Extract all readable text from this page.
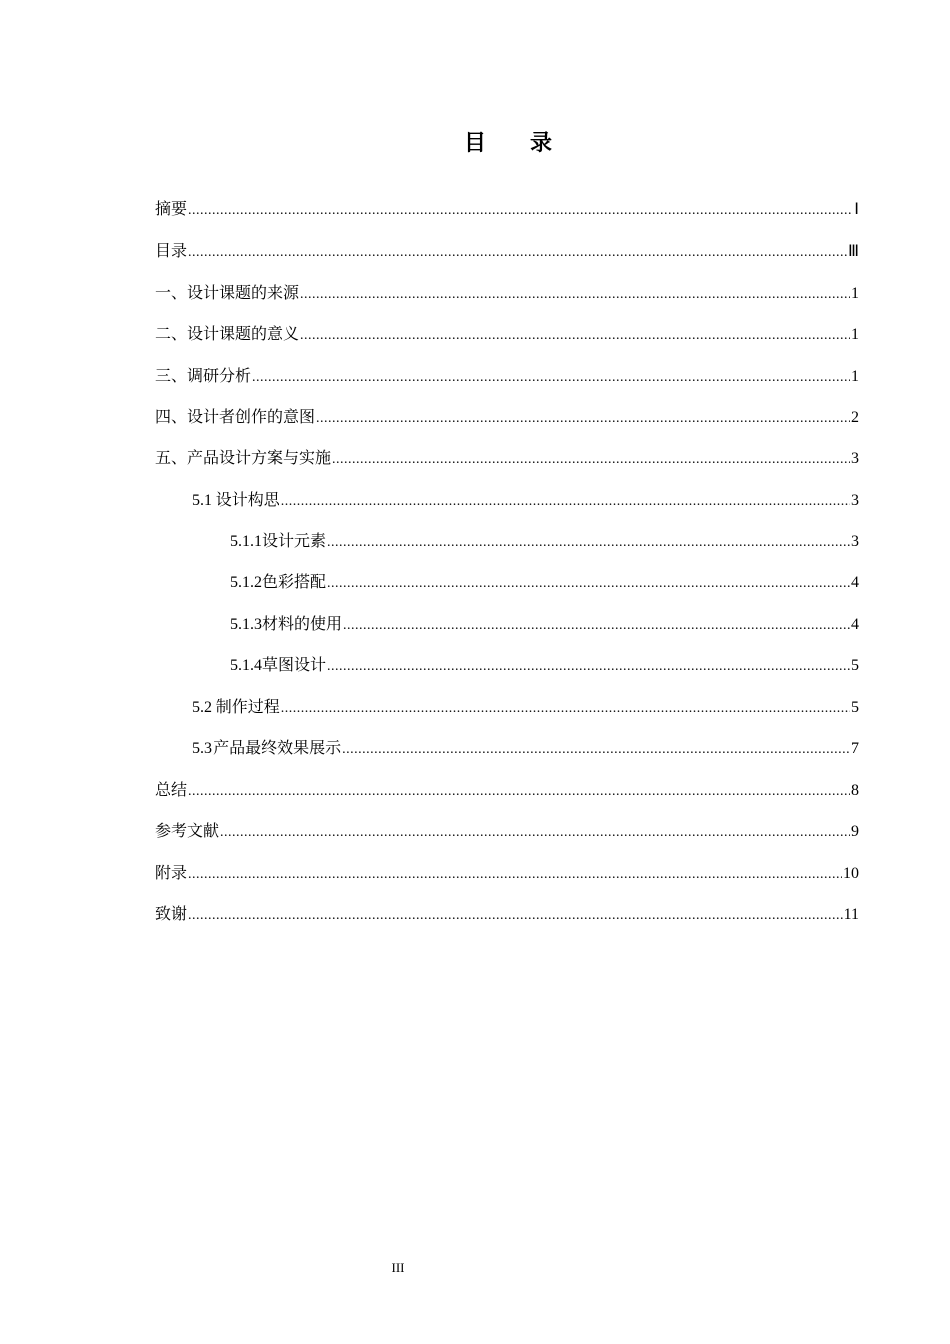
目 录
摘要 .....	Ⅰ
目录 .....	Ⅲ
一、设计课题的来源 .....	1
二、设计课题的意义 .....	1
三、调研分析 .....	1
四、设计者创作的意图 .....	2
五、产品设计方案与实施 .....	3
5.1 设计构思 .....	3
5.1.1 设计元素 .....	3
5.1.2 色彩搭配 .....	4
5.1.3 材料的使用 .....	4
5.1.4 草图设计 .....	5
5.2 制作过程 .....	5
5.3 产品最终效果展示 .....	7
总结 .....	8
参考文献 .....	9
附录 .....	10
致谢 .....	11
III
